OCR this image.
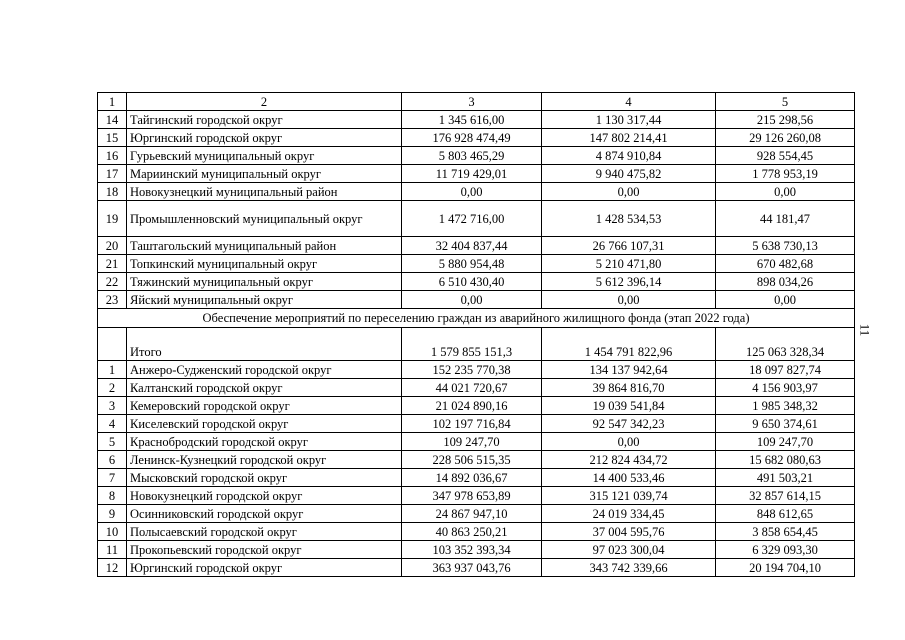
1	2	3	4	5
14	Тайгинский городской округ	1 345 616,00	1 130 317,44	215 298,56
15	Юргинский городской округ	176 928 474,49	147 802 214,41	29 126 260,08
16	Гурьевский муниципальный округ	5 803 465,29	4 874 910,84	928 554,45
17	Мариинский муниципальный округ	11 719 429,01	9 940 475,82	1 778 953,19
18	Новокузнецкий муниципальный район	0,00	0,00	0,00
19	Промышленновский муниципальный округ	1 472 716,00	1 428 534,53	44 181,47
20	Таштагольский муниципальный район	32 404 837,44	26 766 107,31	5 638 730,13
21	Топкинский муниципальный округ	5 880 954,48	5 210 471,80	670 482,68
22	Тяжинский муниципальный округ	6 510 430,40	5 612 396,14	898 034,26
23	Яйский муниципальный округ	0,00	0,00	0,00
Обеспечение мероприятий по переселению граждан из аварийного жилищного фонда (этап 2022 года)				
	Итого	1 579 855 151,3	1 454 791 822,96	125 063 328,34
1	Анжеро-Судженский городской округ	152 235 770,38	134 137 942,64	18 097 827,74
2	Калтанский городской округ	44 021 720,67	39 864 816,70	4 156 903,97
3	Кемеровский городской округ	21 024 890,16	19 039 541,84	1 985 348,32
4	Киселевский городской округ	102 197 716,84	92 547 342,23	9 650 374,61
5	Краснобродский городской округ	109 247,70	0,00	109 247,70
6	Ленинск-Кузнецкий городской округ	228 506 515,35	212 824 434,72	15 682 080,63
7	Мысковский городской округ	14 892 036,67	14 400 533,46	491 503,21
8	Новокузнецкий городской округ	347 978 653,89	315 121 039,74	32 857 614,15
9	Осинниковский городской округ	24 867 947,10	24 019 334,45	848 612,65
10	Полысаевский городской округ	40 863 250,21	37 004 595,76	3 858 654,45
11	Прокопьевский городской округ	103 352 393,34	97 023 300,04	6 329 093,30
12	Юргинский городской округ	363 937 043,76	343 742 339,66	20 194 704,10
11
